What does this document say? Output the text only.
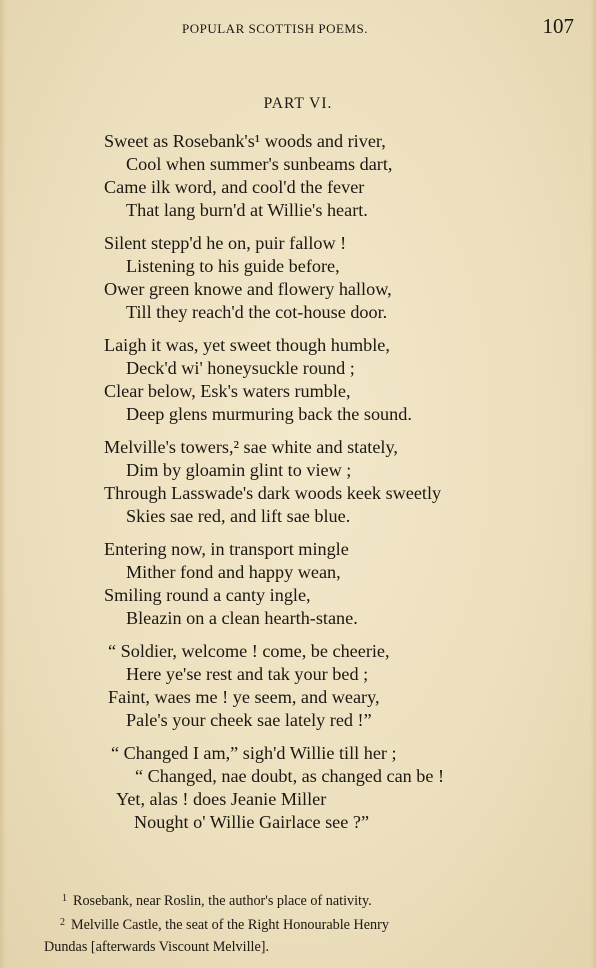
POPULAR SCOTTISH POEMS.	107
PART VI.
Sweet as Rosebank's¹ woods and river,
Cool when summer's sunbeams dart,
Came ilk word, and cool'd the fever
That lang burn'd at Willie's heart.
Silent stepp'd he on, puir fallow !
Listening to his guide before,
Ower green knowe and flowery hallow,
Till they reach'd the cot-house door.
Laigh it was, yet sweet though humble,
Deck'd wi' honeysuckle round ;
Clear below, Esk's waters rumble,
Deep glens murmuring back the sound.
Melville's towers,² sae white and stately,
Dim by gloamin glint to view ;
Through Lasswade's dark woods keek sweetly
Skies sae red, and lift sae blue.
Entering now, in transport mingle
Mither fond and happy wean,
Smiling round a canty ingle,
Bleazin on a clean hearth-stane.
“ Soldier, welcome ! come, be cheerie,
Here ye'se rest and tak your bed ;
Faint, waes me ! ye seem, and weary,
Pale's your cheek sae lately red !”
“ Changed I am,” sigh'd Willie till her ;
“ Changed, nae doubt, as changed can be !
Yet, alas ! does Jeanie Miller
Nought o' Willie Gairlace see ?”
$^1$ Rosebank, near Roslin, the author's place of nativity.
$^2$ Melville Castle, the seat of the Right Honourable Henry
Dundas [afterwards Viscount Melville].
